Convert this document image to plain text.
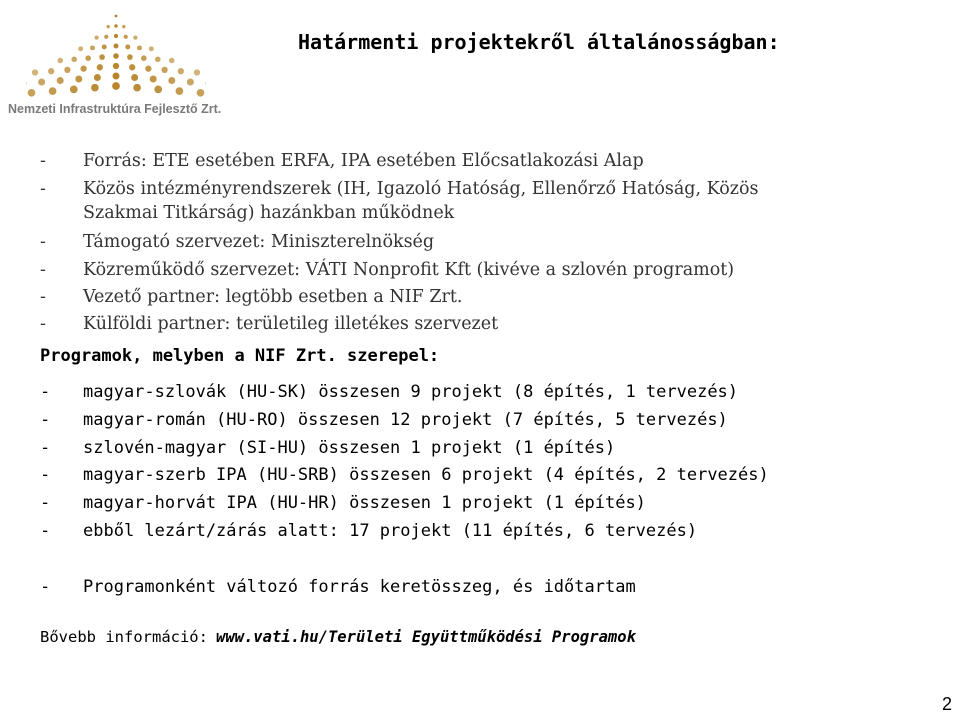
Nemzeti Infrastruktúra Fejlesztő Zrt.
Határmenti projektekről általánosságban:
- Forrás: ETE esetében ERFA, IPA esetében Előcsatlakozási Alap
- Közös intézményrendszerek (IH, Igazoló Hatóság, Ellenőrző Hatóság, Közös
Szakmai Titkárság) hazánkban működnek
- Támogató szervezet: Miniszterelnökség
- Közreműködő szervezet: VÁTI Nonprofit Kft (kivéve a szlovén programot)
- Vezető partner: legtöbb esetben a NIF Zrt.
- Külföldi partner: területileg illetékes szervezet
Programok, melyben a NIF Zrt. szerepel:
- magyar-szlovák (HU-SK) összesen 9 projekt (8 építés, 1 tervezés)
- magyar-román (HU-RO) összesen 12 projekt (7 építés, 5 tervezés)
- szlovén-magyar (SI-HU) összesen 1 projekt (1 építés)
- magyar-szerb IPA (HU-SRB) összesen 6 projekt (4 építés, 2 tervezés)
- magyar-horvát IPA (HU-HR) összesen 1 projekt (1 építés)
- ebből lezárt/zárás alatt: 17 projekt (11 építés, 6 tervezés)
- Programonként változó forrás keretösszeg, és időtartam
Bővebb információ: www.vati.hu/Területi Együttműködési Programok
2
